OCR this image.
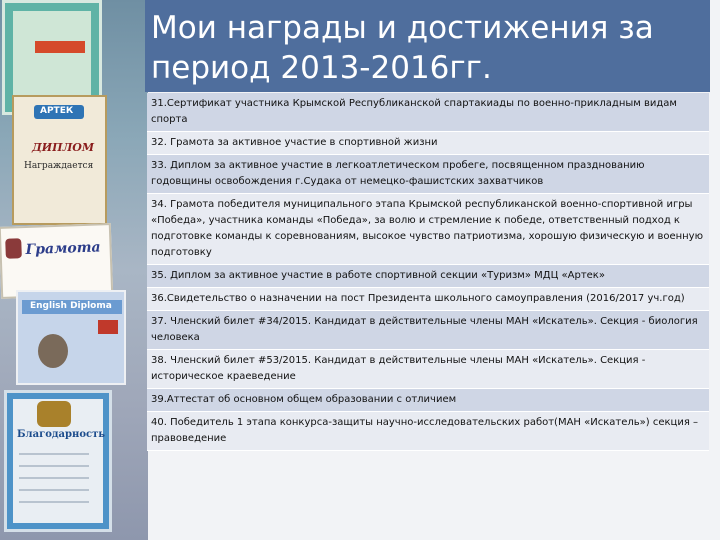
АРТЕК
ДИПЛОМ
Награждается
Грамота
English Diploma
Благодарность
Мои награды и достижения за период 2013-2016гг.
31.Сертификат участника Крымской Республиканской спартакиады по военно-прикладным видам спорта
32. Грамота за активное участие в спортивной жизни
33. Диплом за активное участие в легкоатлетическом пробеге, посвященном празднованию годовщины освобождения г.Судака от немецко-фашистских захватчиков
34. Грамота победителя муниципального этапа Крымской республиканской военно-спортивной игры «Победа», участника команды «Победа», за волю и стремление к победе, ответственный подход к подготовке команды к соревнованиям, высокое чувство патриотизма, хорошую физическую и военную подготовку
35. Диплом за активное участие в работе спортивной секции «Туризм» МДЦ «Артек»
36.Свидетельство о назначении на пост Президента школьного самоуправления (2016/2017 уч.год)
37. Членский билет #34/2015. Кандидат в действительные члены МАН «Искатель». Секция - биология человека
38. Членский билет #53/2015. Кандидат в действительные члены МАН «Искатель». Секция - историческое краеведение
39.Аттестат об основном общем образовании с отличием
40. Победитель 1 этапа конкурса-защиты научно-исследовательских работ(МАН «Искатель») секция – правоведение
